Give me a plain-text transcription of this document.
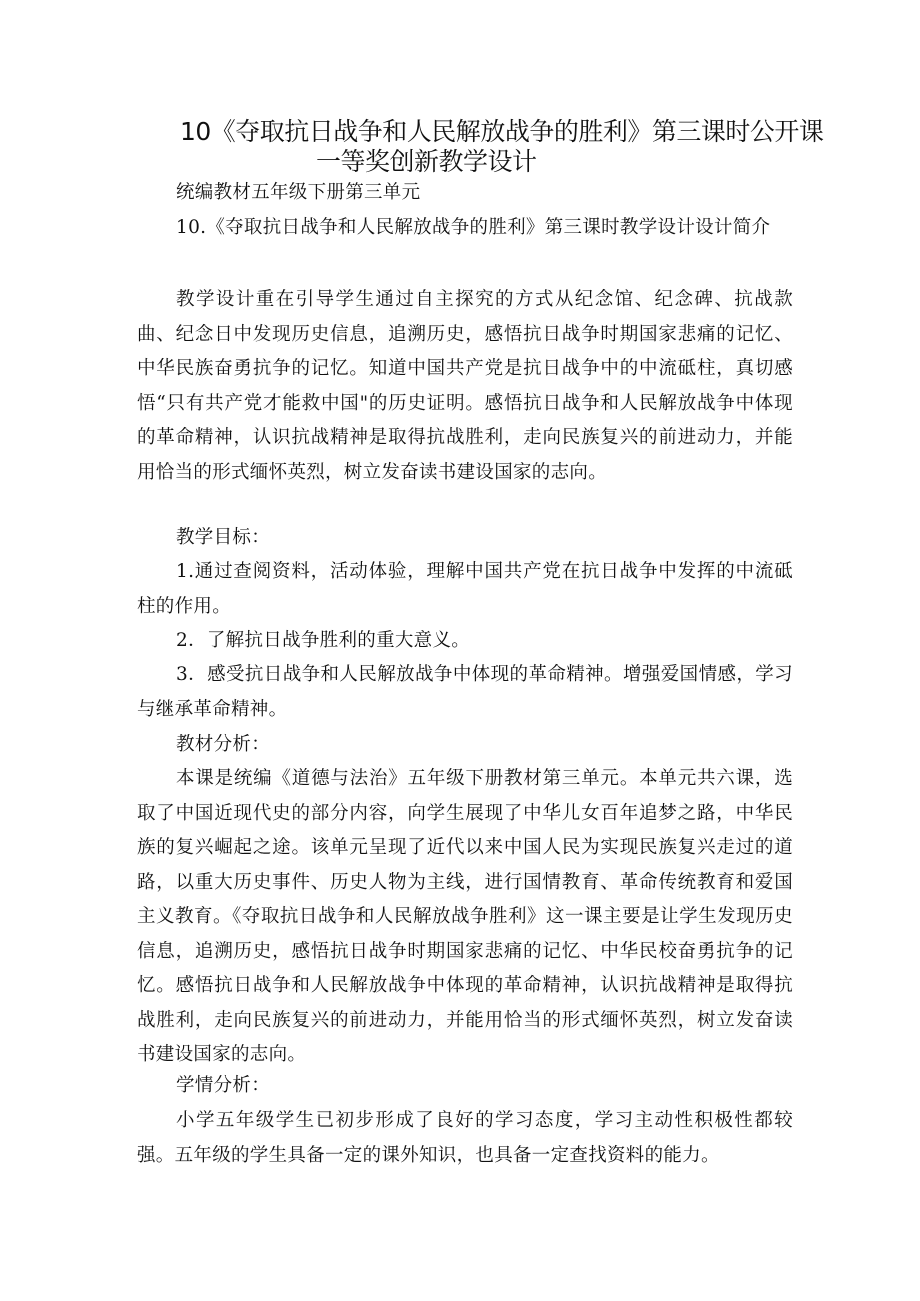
10《夺取抗日战争和人民解放战争的胜利》第三课时公开课
一等奖创新教学设计
统编教材五年级下册第三单元
10.《夺取抗日战争和人民解放战争的胜利》第三课时教学设计设计简介
教学设计重在引导学生通过自主探究的方式从纪念馆、纪念碑、抗战款曲、纪念日中发现历史信息，追溯历史，感悟抗日战争时期国家悲痛的记忆、中华民族奋勇抗争的记忆。知道中国共产党是抗日战争中的中流砥柱，真切感悟“只有共产党才能救中国"的历史证明。感悟抗日战争和人民解放战争中体现的革命精神，认识抗战精神是取得抗战胜利，走向民族复兴的前进动力，并能用恰当的形式缅怀英烈，树立发奋读书建设国家的志向。
教学目标：
1.通过查阅资料，活动体验，理解中国共产党在抗日战争中发挥的中流砥柱的作用。
2．了解抗日战争胜利的重大意义。
3．感受抗日战争和人民解放战争中体现的革命精神。增强爱国情感，学习与继承革命精神。
教材分析：
本课是统编《道德与法治》五年级下册教材第三单元。本单元共六课，选取了中国近现代史的部分内容，向学生展现了中华儿女百年追梦之路，中华民族的复兴崛起之途。该单元呈现了近代以来中国人民为实现民族复兴走过的道路，以重大历史事件、历史人物为主线，进行国情教育、革命传统教育和爱国主义教育。《夺取抗日战争和人民解放战争胜利》这一课主要是让学生发现历史信息，追溯历史，感悟抗日战争时期国家悲痛的记忆、中华民校奋勇抗争的记忆。感悟抗日战争和人民解放战争中体现的革命精神，认识抗战精神是取得抗战胜利，走向民族复兴的前进动力，并能用恰当的形式缅怀英烈，树立发奋读书建设国家的志向。
学情分析：
小学五年级学生已初步形成了良好的学习态度，学习主动性积极性都较强。五年级的学生具备一定的课外知识，也具备一定查找资料的能力。
